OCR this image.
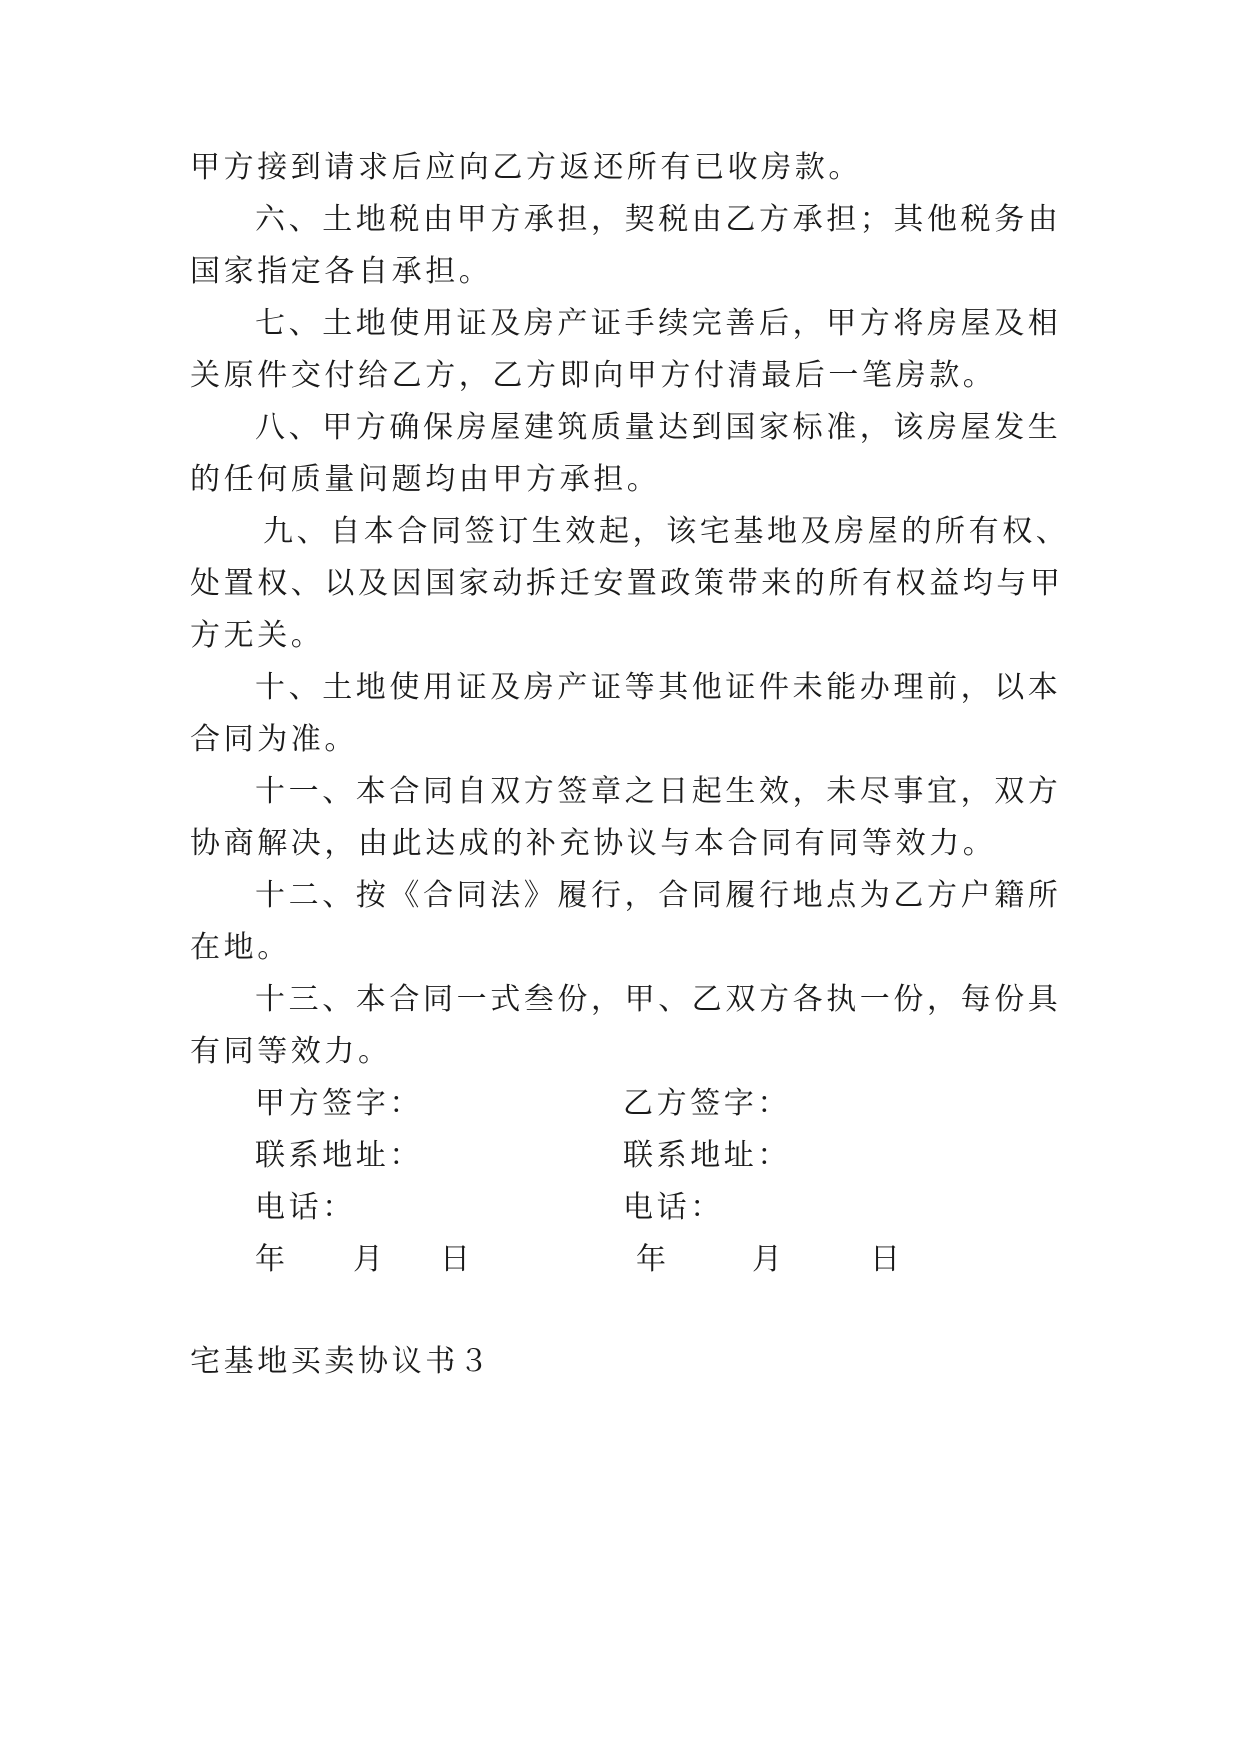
甲方接到请求后应向乙方返还所有已收房款。
六、土地税由甲方承担，契税由乙方承担；其他税务由
国家指定各自承担。
七、土地使用证及房产证手续完善后，甲方将房屋及相
关原件交付给乙方，乙方即向甲方付清最后一笔房款。
八、甲方确保房屋建筑质量达到国家标准，该房屋发生
的任何质量问题均由甲方承担。
九、自本合同签订生效起，该宅基地及房屋的所有权、
处置权、以及因国家动拆迁安置政策带来的所有权益均与甲
方无关。
十、土地使用证及房产证等其他证件未能办理前，以本
合同为准。
十一、本合同自双方签章之日起生效，未尽事宜，双方
协商解决，由此达成的补充协议与本合同有同等效力。
十二、按《合同法》履行，合同履行地点为乙方户籍所
在地。
十三、本合同一式叁份，甲、乙双方各执一份，每份具
有同等效力。
甲方签字：	乙方签字：
联系地址：	联系地址：
电话：	电话：
年 月 日	年	月	日
宅基地买卖协议书３
